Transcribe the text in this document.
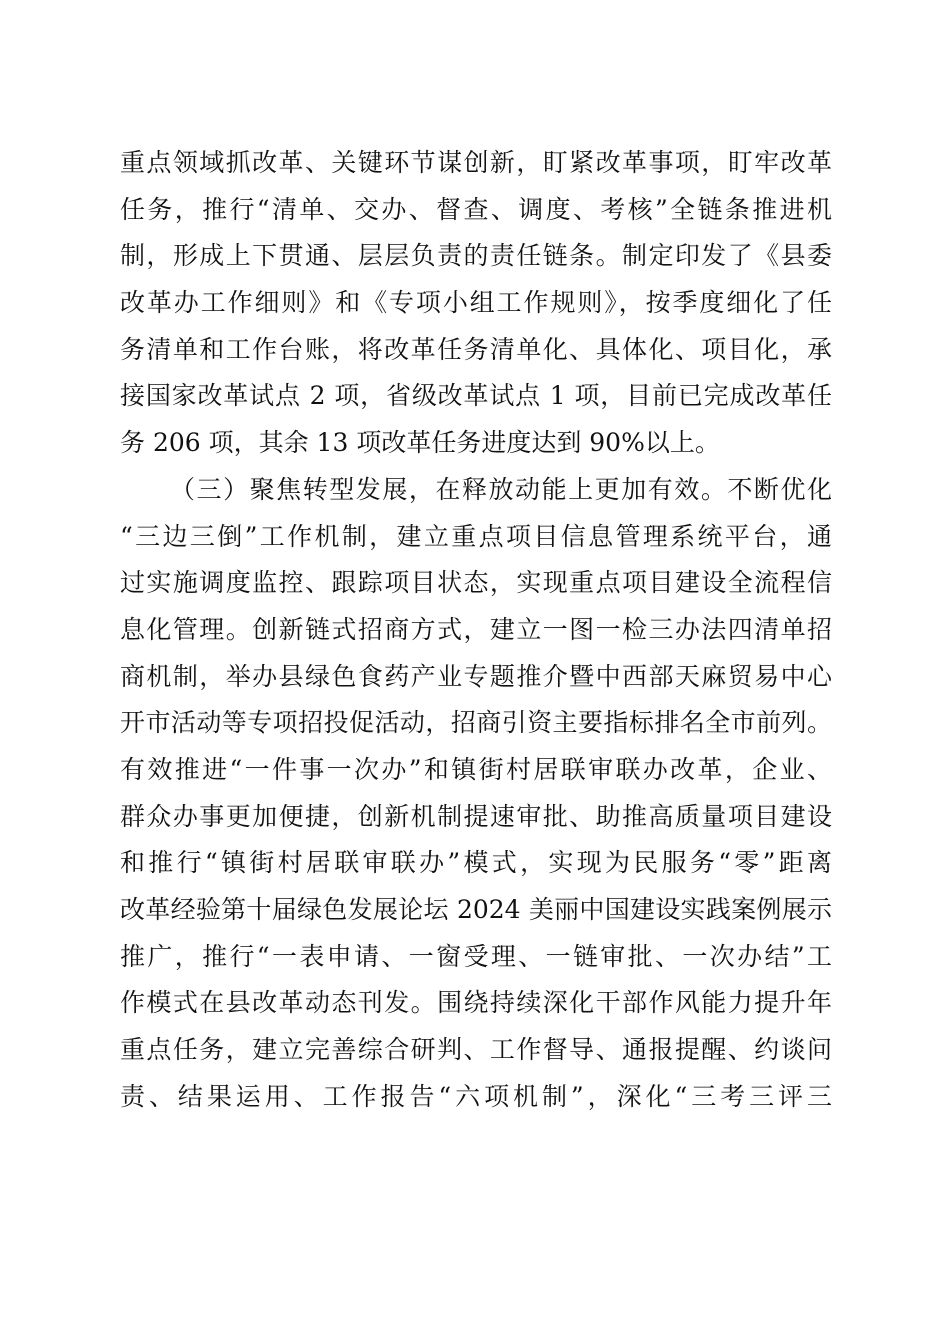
重点领域抓改革、关键环节谋创新，盯紧改革事项，盯牢改革
任务，推行“清单、交办、督查、调度、考核”全链条推进机
制，形成上下贯通、层层负责的责任链条。制定印发了《县委
改革办工作细则》和《专项小组工作规则》，按季度细化了任
务清单和工作台账，将改革任务清单化、具体化、项目化，承
接国家改革试点 2 项，省级改革试点 1 项，目前已完成改革任
务 206 项，其余 13 项改革任务进度达到 90%以上。
（三）聚焦转型发展，在释放动能上更加有效。不断优化
“三边三倒”工作机制，建立重点项目信息管理系统平台，通
过实施调度监控、跟踪项目状态，实现重点项目建设全流程信
息化管理。创新链式招商方式，建立一图一检三办法四清单招
商机制，举办县绿色食药产业专题推介暨中西部天麻贸易中心
开市活动等专项招投促活动，招商引资主要指标排名全市前列。
有效推进“一件事一次办”和镇街村居联审联办改革，企业、
群众办事更加便捷，创新机制提速审批、助推高质量项目建设
和推行“镇街村居联审联办”模式，实现为民服务“零”距离
改革经验第十届绿色发展论坛 2024 美丽中国建设实践案例展示
推广，推行“一表申请、一窗受理、一链审批、一次办结”工
作模式在县改革动态刊发。围绕持续深化干部作风能力提升年
重点任务，建立完善综合研判、工作督导、通报提醒、约谈问
责、结果运用、工作报告“六项机制”，深化“三考三评三
